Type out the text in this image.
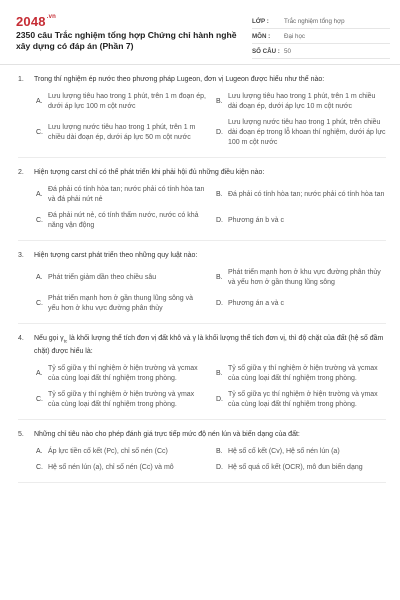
$2048^{.vn}$
2350 câu Trắc nghiệm tổng hợp Chứng chỉ hành nghề xây dựng có đáp án (Phần 7)
LỚP :	Trắc nghiệm tổng hợp
MÔN :	Đại học
SỐ CÂU : 50
1.	Trong thí nghiệm ép nước theo phương pháp Lugeon, đơn vị Lugeon được hiểu như thế nào:
A.
Lưu lượng tiêu hao trong 1 phút, trên 1 m đoạn ép, dưới áp lực 100 m cột nước
B.
Lưu lượng tiêu hao trong 1 phút, trên 1 m chiều dài đoạn ép, dưới áp lực 10 m cột nước
C.
Lưu lượng nước tiêu hao trong 1 phút, trên 1 m chiều dài đoạn ép, dưới áp lực 50 m cột nước
D.
Lưu lượng nước tiêu hao trong 1 phút, trên chiều dài đoạn ép trong lỗ khoan thí nghiệm, dưới áp lực 100 m cột nước
2.	Hiện tượng carst chỉ có thể phát triển khi phải hội đủ những điều kiện nào:
A.
Đá phải có tính hòa tan; nước phải có tính hòa tan và đá phải nứt nẻ
B. Đá phải có tính hòa tan; nước phải có tính hòa tan
C.
Đá phải nứt nẻ, có tính thấm nước, nước có khả năng vận động
D. Phương án b và c
3.	Hiện tượng carst phát triển theo những quy luật nào:
A. Phát triển giảm dần theo chiều sâu	B.
Phát triển mạnh hơn ở khu vực đường phân thủy và yếu hơn ở gần thung lũng sông
C.
Phát triển mạnh hơn ở gần thung lũng sông và yếu hơn ở khu vực đường phân thủy
D. Phương án a và c
4.	Nếu gọi $\gamma_{tc}$ là khối lượng thể tích đơn vị đất khô và γ là khối lượng thể tích đơn vị, thì độ chặt của đất (hệ số đầm chặt) được hiểu là:
A.
Tỷ số giữa γ thí nghiệm ở hiện trường và γcmax của cùng loại đất thí nghiệm trong phòng.
B.
Tỷ số giữa γ thí nghiệm ở hiện trường và γcmax của cùng loại đất thí nghiệm trong phòng.
C.
Tỷ số giữa γ thí nghiệm ở hiện trường và γmax của cùng loại đất thí nghiệm trong phòng.
D.
Tỷ số giữa γc thí nghiệm ở hiện trường và γmax của cùng loại đất thí nghiệm trong phòng.
5.	Những chỉ tiêu nào cho phép đánh giá trực tiếp mức độ nén lún và biến dạng của đất:
A. Áp lực tiền cố kết (Pc), chỉ số nén (Cc)	B. Hệ số cố kết (Cv), Hệ số nén lún (a)
C. Hệ số nén lún (a), chỉ số nén (Cc) và mô	D. Hệ số quá cố kết (OCR), mô đun biến dạng
